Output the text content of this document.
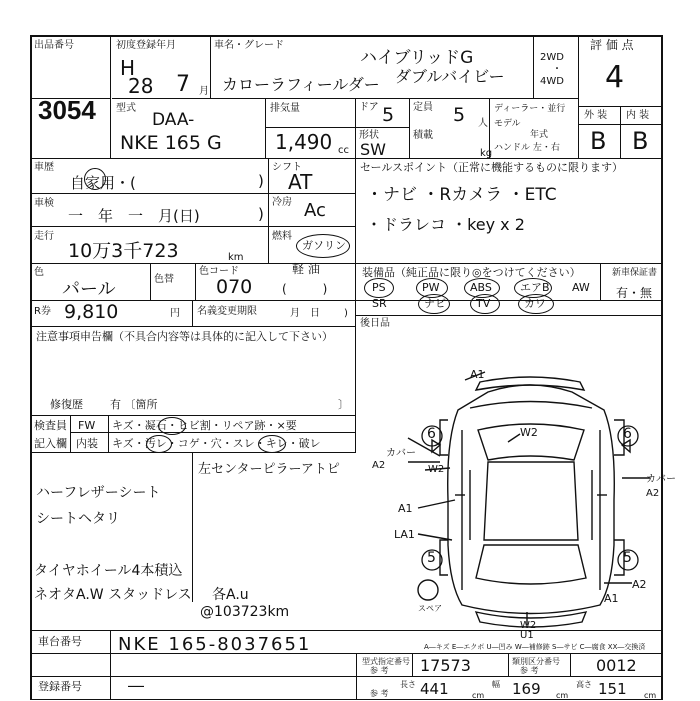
出品番号
3054
初度登録年月
H
28 7 月
車名・グレード
ハイブリッドG
カローラフィールダー ダブルバイビー
2WD
・
4WD
評 価 点
4
型式
DAA-
NKE 165 G
排気量
1,490 cc
ドア 5 定員 5 人
形状
SW
積載
kg
ディーラー・並行
モデル
年式
ハンドル 左・右
外 装 内 装
B B
車歴
自家用・(	)
シフト
AT
車検
一　年　一　月(日)	)
冷房 Ac
走行
10万3千723	km
燃料
ガソリン
軽 油
(　　　)
色
パール	色替
色コード
070
R券 9,810	円 名義変更期限	月　日 )
セールスポイント（正常に機能するものに限ります）
・ナビ ・Rカメラ ・ETC
・ドラレコ ・key x 2
装備品（純正品に限り◎をつけてください）
PS	PW	ABS	エアB AW
SR	ナビ	TV	カワ
新車保証書
有・無
後日品
注意事項申告欄（不具合内容等は具体的に記入して下さい）
修復歴 有 〔箇所	〕
検査員
記入欄
FW
内装
キズ・凝石・ヒビ割・リペア跡・×要
キズ・汚レ・コゲ・穴・スレ・キレ・破レ
左センターピラーアトピ
ハーフレザーシート
シートヘタリ
タイヤホイール4本積込
ネオタA.W スタッドレス 各A.u
@103723km
A1
W2
6	6
カバー
A2	W2
A1
LA1
5	5
カバー
A2
A2
A1
W2
U1
スペア
A―キズ E―エクボ U―凹み W―補修跡 S―サビ C―腐食 XX―交換済
車台番号 NKE 165-8037651
登録番号	―
型式指定番号
参 考 17573	類別区分番号
参 考	0012
参 考
長さ 441	cm
幅 169 cm
高さ 151 cm
